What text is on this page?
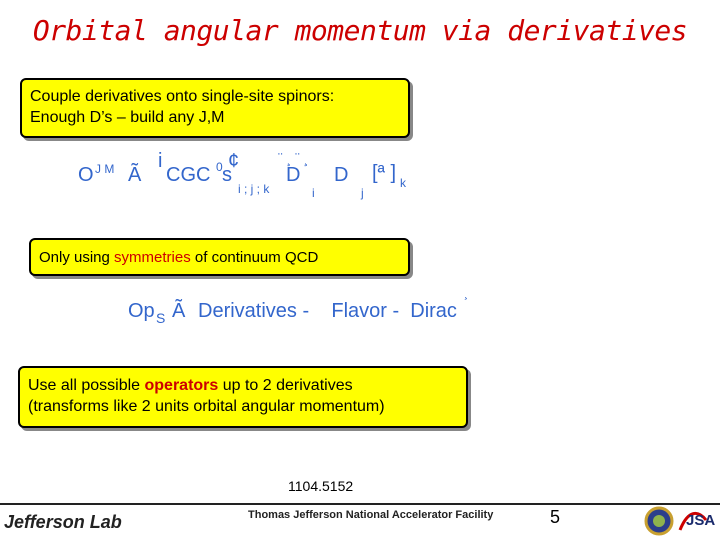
Orbital angular momentum via derivatives
Couple derivatives onto single-site spinors:
Enough D’s – build any J,M
O J M Ã
i
CGC 0 s
¢
i ; j ; k
¨ ¸ ¨ ¸
D
i
D
j
[ª ] k
Only using symmetries of continuum QCD
Op S Ã Derivatives -    Flavor -  Dirac
¸
Use all possible operators up to 2 derivatives
(transforms like 2 units orbital angular momentum)
1104.5152
Jefferson Lab	Thomas Jefferson National Accelerator Facility	5	JSA
